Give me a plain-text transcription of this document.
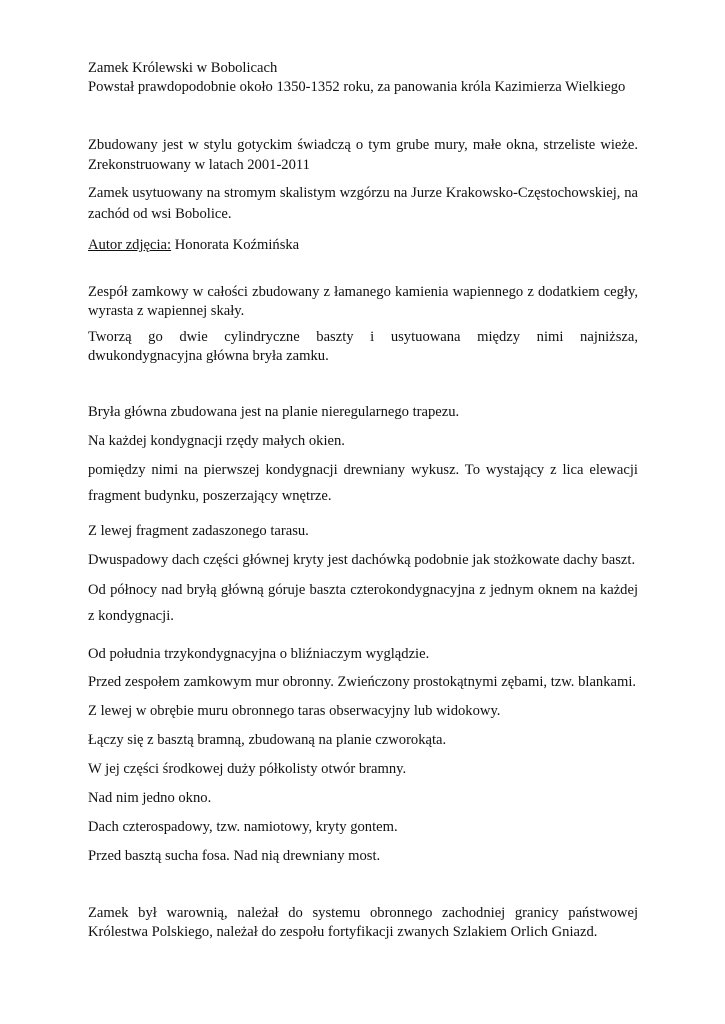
Zamek Królewski w Bobolicach
Powstał prawdopodobnie około 1350-1352 roku, za panowania króla Kazimierza Wielkiego

Zbudowany jest w stylu gotyckim świadczą o tym grube mury, małe okna, strzeliste wieże.

Zrekonstruowany w latach 2001-2011

Zamek usytuowany na stromym skalistym wzgórzu na Jurze Krakowsko-Częstochowskiej, na zachód od wsi Bobolice.

Autor zdjęcia: Honorata Koźmińska

Zespół zamkowy w całości zbudowany z łamanego kamienia wapiennego z dodatkiem cegły, wyrasta z wapiennej skały.

Tworzą go dwie cylindryczne baszty i usytuowana między nimi najniższa, dwukondygnacyjna główna bryła zamku.

Bryła główna zbudowana jest na planie nieregularnego trapezu.

Na każdej kondygnacji rzędy małych okien.

pomiędzy nimi na pierwszej kondygnacji drewniany wykusz. To wystający z lica elewacji fragment budynku, poszerzający wnętrze.

Z lewej fragment zadaszonego tarasu.

Dwuspadowy dach części głównej kryty jest dachówką podobnie jak stożkowate dachy baszt.

Od północy nad bryłą główną góruje baszta czterokondygnacyjna z jednym oknem na każdej z kondygnacji.

Od południa trzykondygnacyjna o bliźniaczym wyglądzie.

Przed zespołem zamkowym mur obronny. Zwieńczony prostokątnymi zębami, tzw. blankami.

Z lewej w obrębie muru obronnego taras obserwacyjny lub widokowy.

Łączy się z basztą bramną, zbudowaną na planie czworokąta.

W jej części środkowej duży półkolisty otwór bramny.

Nad nim jedno okno.

Dach czterospadowy, tzw. namiotowy, kryty gontem.

Przed basztą sucha fosa. Nad nią drewniany most.

Zamek był warownią, należał do systemu obronnego zachodniej granicy państwowej Królestwa Polskiego, należał do zespołu fortyfikacji zwanych Szlakiem Orlich Gniazd.
